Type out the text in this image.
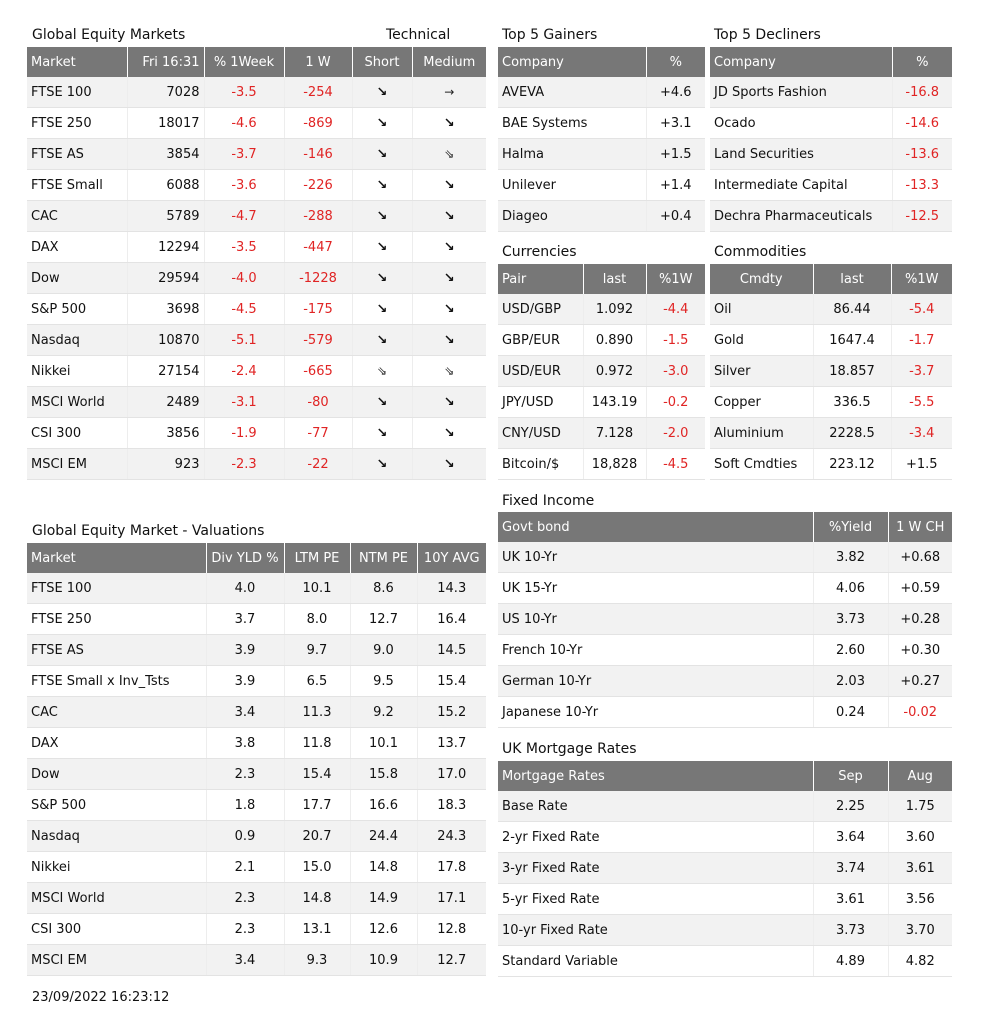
Global Equity Markets	Technical
Market	Fri 16:31	% 1Week	1 W	Short	Medium
FTSE 100	7028	-3.5	-254	↘	→
FTSE 250	18017	-4.6	-869	↘	↘
FTSE AS	3854	-3.7	-146	↘	⇘
FTSE Small	6088	-3.6	-226	↘	↘
CAC	5789	-4.7	-288	↘	↘
DAX	12294	-3.5	-447	↘	↘
Dow	29594	-4.0	-1228	↘	↘
S&P 500	3698	-4.5	-175	↘	↘
Nasdaq	10870	-5.1	-579	↘	↘
Nikkei	27154	-2.4	-665	⇘	⇘
MSCI World	2489	-3.1	-80	↘	↘
CSI 300	3856	-1.9	-77	↘	↘
MSCI EM	923	-2.3	-22	↘	↘
Top 5 Gainers
Company	%
AVEVA	+4.6
BAE Systems	+3.1
Halma	+1.5
Unilever	+1.4
Diageo	+0.4
Top 5 Decliners
Company	%
JD Sports Fashion	-16.8
Ocado	-14.6
Land Securities	-13.6
Intermediate Capital	-13.3
Dechra Pharmaceuticals	-12.5
Currencies
Pair	last	%1W
USD/GBP	1.092	-4.4
GBP/EUR	0.890	-1.5
USD/EUR	0.972	-3.0
JPY/USD	143.19	-0.2
CNY/USD	7.128	-2.0
Bitcoin/$	18,828	-4.5
Commodities
Cmdty	last	%1W
Oil	86.44	-5.4
Gold	1647.4	-1.7
Silver	18.857	-3.7
Copper	336.5	-5.5
Aluminium	2228.5	-3.4
Soft Cmdties	223.12	+1.5
Global Equity Market - Valuations
Market	Div YLD %	LTM PE	NTM PE	10Y AVG
FTSE 100	4.0	10.1	8.6	14.3
FTSE 250	3.7	8.0	12.7	16.4
FTSE AS	3.9	9.7	9.0	14.5
FTSE Small x Inv_Tsts	3.9	6.5	9.5	15.4
CAC	3.4	11.3	9.2	15.2
DAX	3.8	11.8	10.1	13.7
Dow	2.3	15.4	15.8	17.0
S&P 500	1.8	17.7	16.6	18.3
Nasdaq	0.9	20.7	24.4	24.3
Nikkei	2.1	15.0	14.8	17.8
MSCI World	2.3	14.8	14.9	17.1
CSI 300	2.3	13.1	12.6	12.8
MSCI EM	3.4	9.3	10.9	12.7
Fixed Income
Govt bond	%Yield	1 W CH
UK 10-Yr	3.82	+0.68
UK 15-Yr	4.06	+0.59
US 10-Yr	3.73	+0.28
French 10-Yr	2.60	+0.30
German 10-Yr	2.03	+0.27
Japanese 10-Yr	0.24	-0.02
UK Mortgage Rates
Mortgage Rates	Sep	Aug
Base Rate	2.25	1.75
2-yr Fixed Rate	3.64	3.60
3-yr Fixed Rate	3.74	3.61
5-yr Fixed Rate	3.61	3.56
10-yr Fixed Rate	3.73	3.70
Standard Variable	4.89	4.82
23/09/2022 16:23:12
